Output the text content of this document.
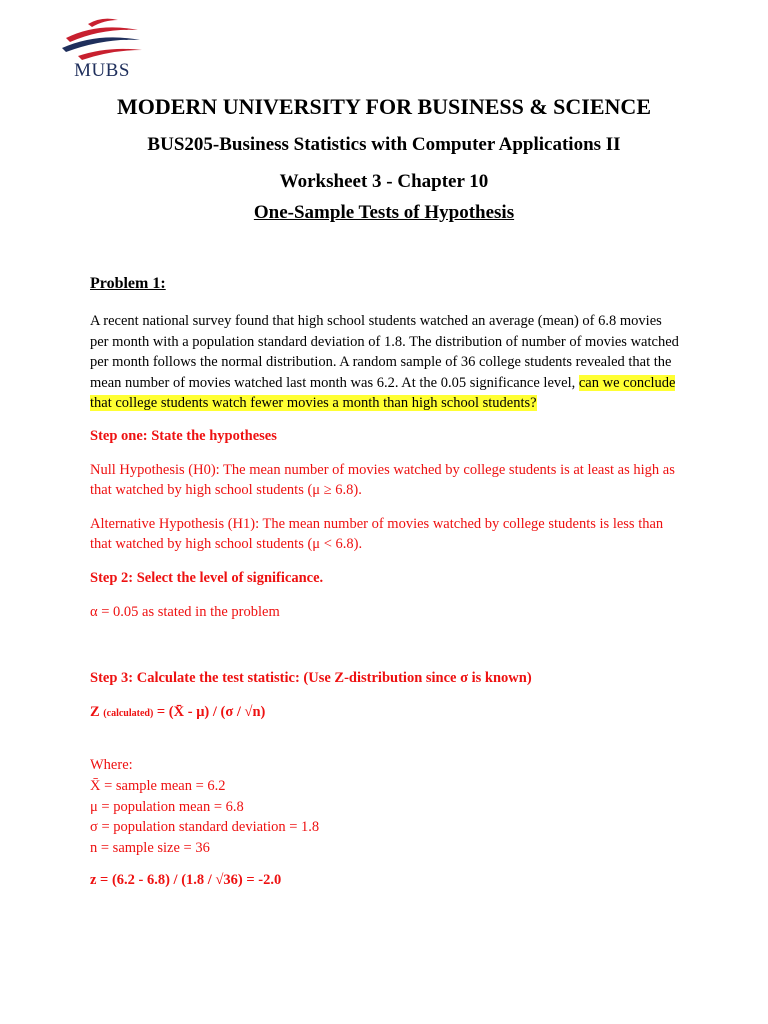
MUBS
MODERN UNIVERSITY FOR BUSINESS & SCIENCE
BUS205-Business Statistics with Computer Applications II
Worksheet 3 - Chapter 10
One-Sample Tests of Hypothesis
Problem 1:
A recent national survey found that high school students watched an average (mean) of 6.8 movies per month with a population standard deviation of 1.8. The distribution of number of movies watched per month follows the normal distribution. A random sample of 36 college students revealed that the mean number of movies watched last month was 6.2. At the 0.05 significance level, can we conclude that college students watch fewer movies a month than high school students?
Step one: State the hypotheses
Null Hypothesis (H0): The mean number of movies watched by college students is at least as high as that watched by high school students (μ ≥ 6.8).
Alternative Hypothesis (H1): The mean number of movies watched by college students is less than that watched by high school students (μ < 6.8).
Step 2: Select the level of significance.
α = 0.05 as stated in the problem
Step 3: Calculate the test statistic: (Use Z-distribution since σ is known)
Z (calculated) = (X̄ - μ) / (σ / √n)
Where:
X̄ = sample mean = 6.2
μ = population mean = 6.8
σ = population standard deviation = 1.8
n = sample size = 36
z = (6.2 - 6.8) / (1.8 / √36) = -2.0
